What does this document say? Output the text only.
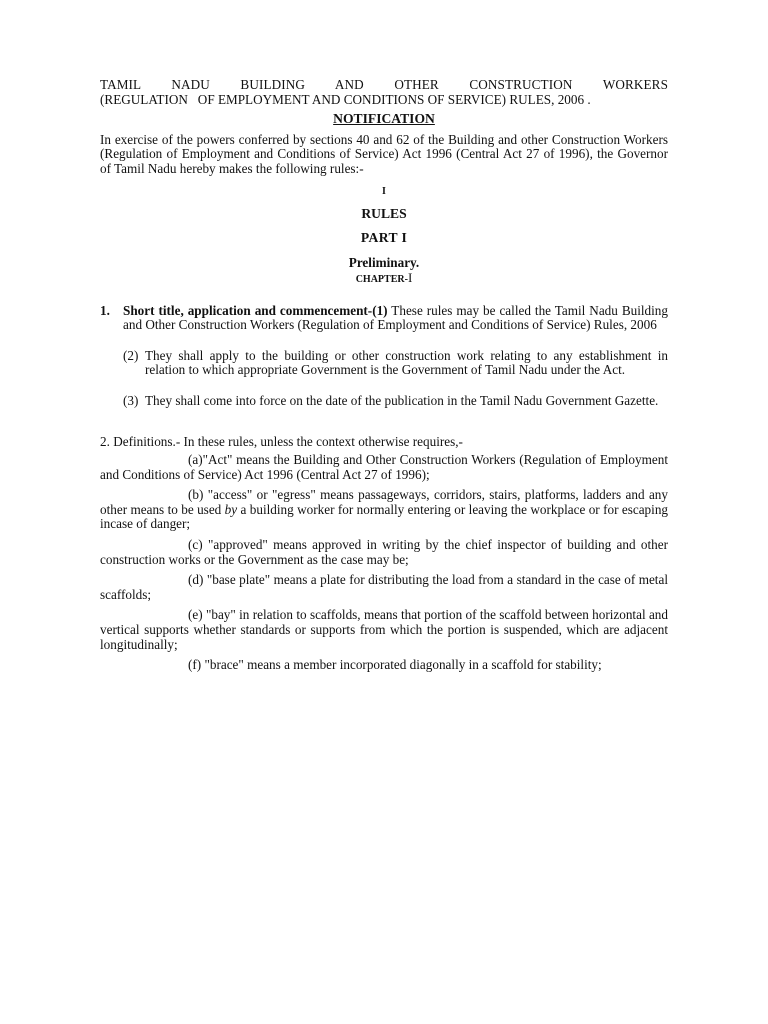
TAMIL NADU BUILDING AND OTHER CONSTRUCTION WORKERS
(REGULATION   OF EMPLOYMENT AND CONDITIONS OF SERVICE) RULES, 2006 .
NOTIFICATION
In exercise of the powers conferred by sections 40 and 62 of the Building and other Construction Workers (Regulation of Employment and Conditions of Service) Act 1996 (Central Act 27 of 1996), the Governor of Tamil Nadu hereby makes the following rules:-
I
RULES
PART I
Preliminary.
CHAPTER-I
1. Short title, application and commencement-(1) These rules may be called the Tamil Nadu Building and Other Construction Workers (Regulation of Employment and Conditions of Service) Rules, 2006
(2) They shall apply to the building or other construction work relating to any establishment in relation to which appropriate Government is the Government of Tamil Nadu under the Act.
(3) They shall come into force on the date of the publication in the Tamil Nadu Government Gazette.
2. Definitions.- In these rules, unless the context otherwise requires,-
(a)"Act" means the Building and Other Construction Workers (Regulation of Employment and Conditions of Service) Act 1996 (Central Act 27 of 1996);
(b) "access" or "egress" means passageways, corridors, stairs, platforms, ladders and any other means to be used by a building worker for normally entering or leaving the workplace or for escaping incase of danger;
(c) "approved" means approved in writing by the chief inspector of building and other construction works or the Government as the case may be;
(d) "base plate" means a plate for distributing the load from a standard in the case of metal scaffolds;
(e) "bay" in relation to scaffolds, means that portion of the scaffold between horizontal and vertical supports whether standards or supports from which the portion is suspended, which are adjacent longitudinally;
(f) "brace" means a member incorporated diagonally in a scaffold for stability;
